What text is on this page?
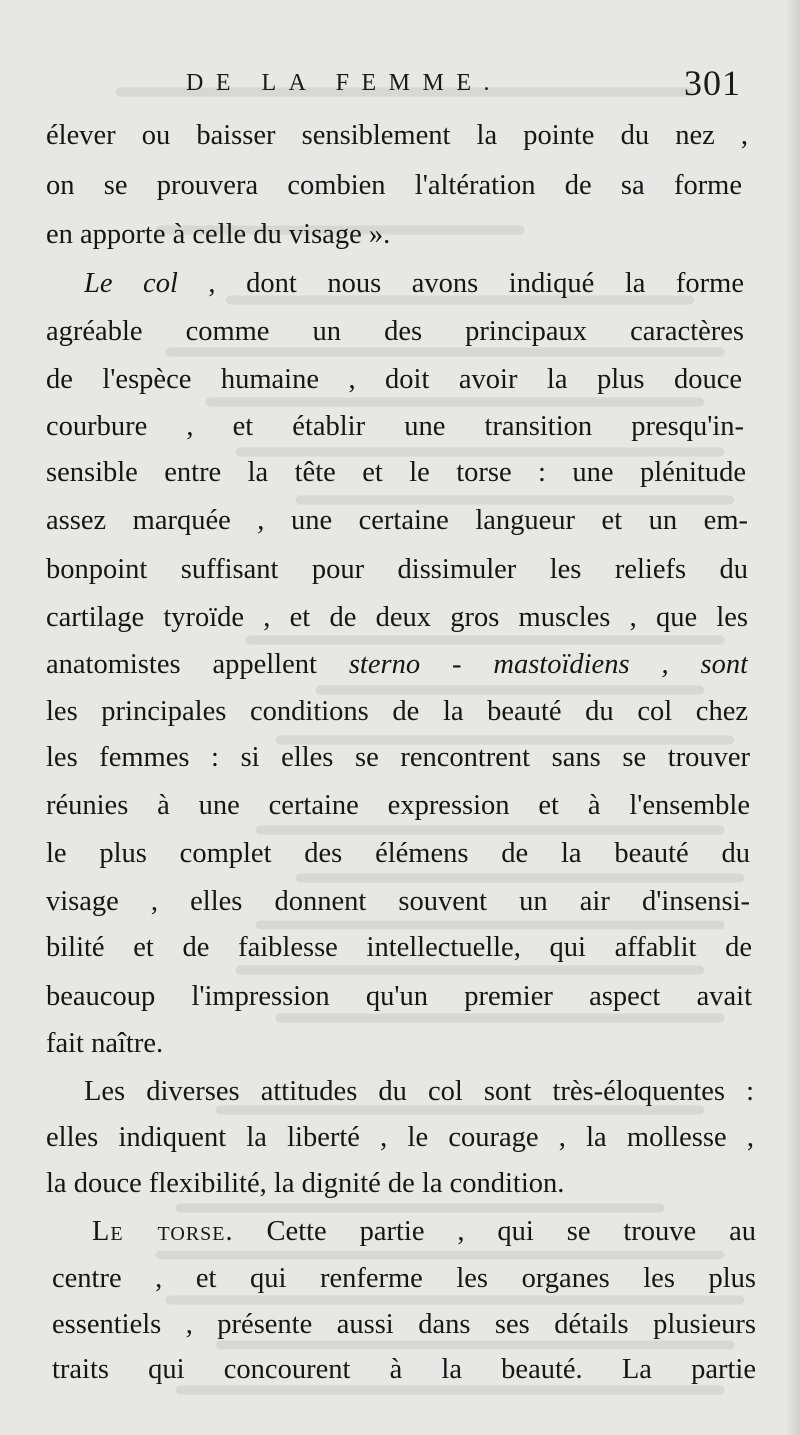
DE LA FEMME.	301
élever ou baisser sensiblement la pointe du nez ,
on se prouvera combien l'altération de sa forme
en apporte à celle du visage ».
Le col , dont nous avons indiqué la forme
agréable comme un des principaux caractères
de l'espèce humaine , doit avoir la plus douce
courbure , et établir une transition presqu'in-
sensible entre la tête et le torse : une plénitude
assez marquée , une certaine langueur et un em-
bonpoint suffisant pour dissimuler les reliefs du
cartilage tyroïde , et de deux gros muscles , que les
anatomistes appellent sterno - mastoïdiens , sont
les principales conditions de la beauté du col chez
les femmes : si elles se rencontrent sans se trouver
réunies à une certaine expression et à l'ensemble
le plus complet des élémens de la beauté du
visage , elles donnent souvent un air d'insensi-
bilité et de faiblesse intellectuelle, qui affablit de
beaucoup l'impression qu'un premier aspect avait
fait naître.
Les diverses attitudes du col sont très-éloquentes :
elles indiquent la liberté , le courage , la mollesse ,
la douce flexibilité, la dignité de la condition.
Le torse. Cette partie , qui se trouve au
centre , et qui renferme les organes les plus
essentiels , présente aussi dans ses détails plusieurs
traits qui concourent à la beauté. La partie
